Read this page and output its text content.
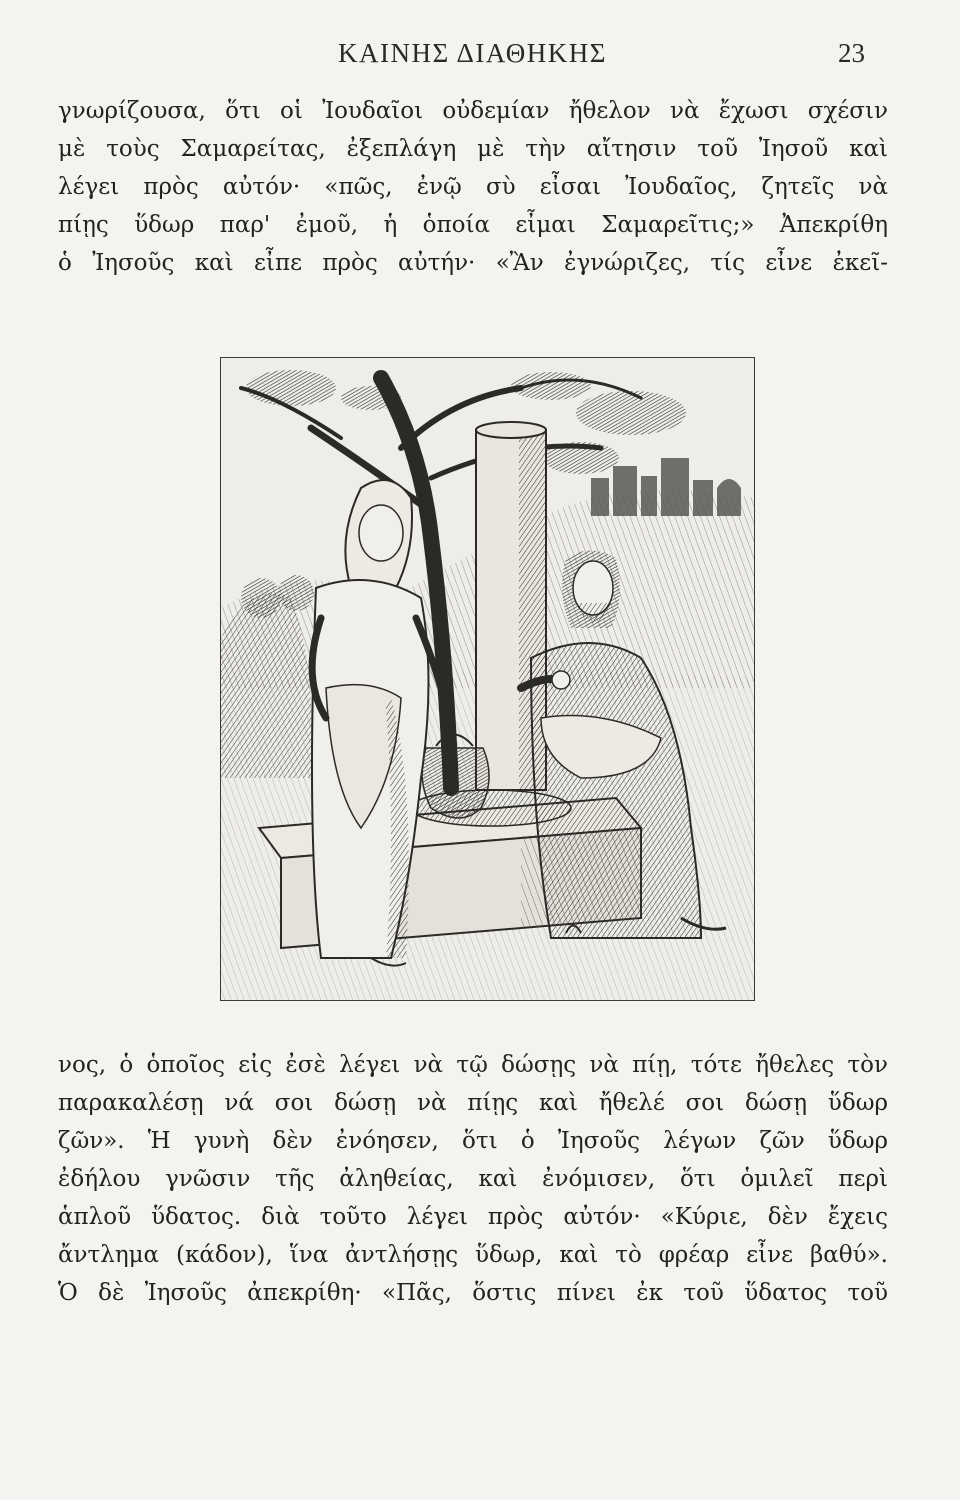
ΚΑΙΝΗΣ ΔΙΑΘΗΚΗΣ	23
γνωρίζουσα, ὅτι οἱ Ἰουδαῖοι οὐδεμίαν ἤθελον νὰ ἔχωσι σχέσιν
μὲ τοὺς Σαμαρείτας, ἐξεπλάγη μὲ τὴν αἴτησιν τοῦ Ἰησοῦ καὶ
λέγει πρὸς αὐτόν· «πῶς, ἐνῷ σὺ εἶσαι Ἰουδαῖος, ζητεῖς νὰ
πίῃς ὕδωρ παρ' ἐμοῦ, ἡ ὁποία εἶμαι Σαμαρεῖτις;» Ἀπεκρίθη
ὁ Ἰησοῦς καὶ εἶπε πρὸς αὐτήν· «Ἂν ἐγνώριζες, τίς εἶνε ἐκεῖ-
νος, ὁ ὁποῖος εἰς ἐσὲ λέγει νὰ τῷ δώσῃς νὰ πίῃ, τότε ἤθελες τὸν
παρακαλέσῃ νά σοι δώσῃ νὰ πίῃς καὶ ἤθελέ σοι δώσῃ ὕδωρ
ζῶν». Ἡ γυνὴ δὲν ἐνόησεν, ὅτι ὁ Ἰησοῦς λέγων ζῶν ὕδωρ
ἐδήλου γνῶσιν τῆς ἀληθείας, καὶ ἐνόμισεν, ὅτι ὁμιλεῖ περὶ
ἁπλοῦ ὕδατος. διὰ τοῦτο λέγει πρὸς αὐτόν· «Κύριε, δὲν ἔχεις
ἄντλημα (κάδον), ἵνα ἀντλήσῃς ὕδωρ, καὶ τὸ φρέαρ εἶνε βαθύ».
Ὁ δὲ Ἰησοῦς ἀπεκρίθη· «Πᾶς, ὅστις πίνει ἐκ τοῦ ὕδατος τοῦ
